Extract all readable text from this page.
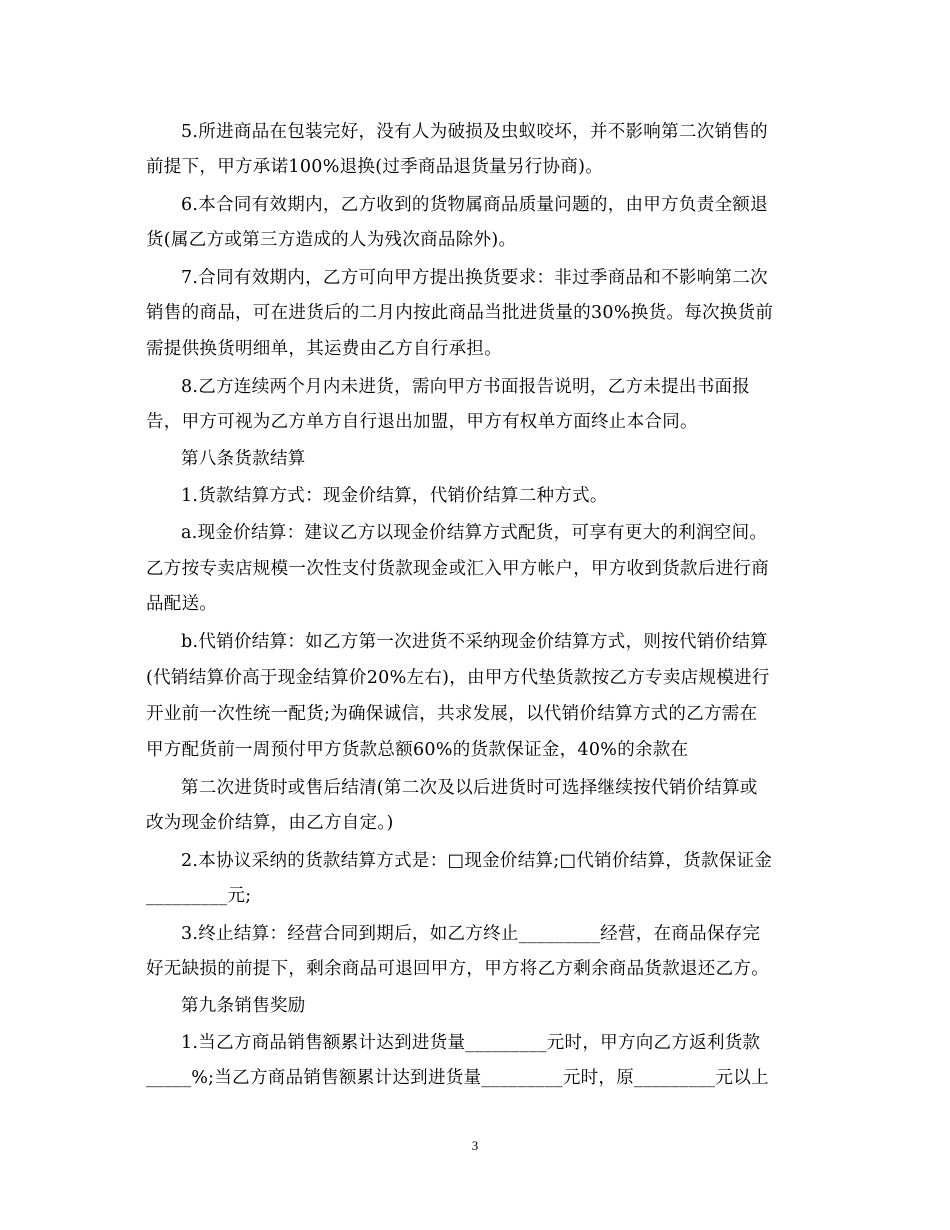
5.所进商品在包装完好，没有人为破损及虫蚁咬坏，并不影响第二次销售的
前提下，甲方承诺100%退换(过季商品退货量另行协商)。
6.本合同有效期内，乙方收到的货物属商品质量问题的，由甲方负责全额退
货(属乙方或第三方造成的人为残次商品除外)。
7.合同有效期内，乙方可向甲方提出换货要求：非过季商品和不影响第二次
销售的商品，可在进货后的二月内按此商品当批进货量的30%换货。每次换货前
需提供换货明细单，其运费由乙方自行承担。
8.乙方连续两个月内未进货，需向甲方书面报告说明，乙方未提出书面报
告，甲方可视为乙方单方自行退出加盟，甲方有权单方面终止本合同。
第八条货款结算
1.货款结算方式：现金价结算，代销价结算二种方式。
a.现金价结算：建议乙方以现金价结算方式配货，可享有更大的利润空间。
乙方按专卖店规模一次性支付货款现金或汇入甲方帐户，甲方收到货款后进行商
品配送。
b.代销价结算：如乙方第一次进货不采纳现金价结算方式，则按代销价结算
(代销结算价高于现金结算价20%左右)，由甲方代垫货款按乙方专卖店规模进行
开业前一次性统一配货;为确保诚信，共求发展，以代销价结算方式的乙方需在
甲方配货前一周预付甲方货款总额60%的货款保证金，40%的余款在
第二次进货时或售后结清(第二次及以后进货时可选择继续按代销价结算或
改为现金价结算，由乙方自定。)
2.本协议采纳的货款结算方式是：□现金价结算;□代销价结算，货款保证金
_________元;
3.终止结算：经营合同到期后，如乙方终止_________经营，在商品保存完
好无缺损的前提下，剩余商品可退回甲方，甲方将乙方剩余商品货款退还乙方。
第九条销售奖励
1.当乙方商品销售额累计达到进货量_________元时，甲方向乙方返利货款
_____%;当乙方商品销售额累计达到进货量_________元时，原_________元以上
3
